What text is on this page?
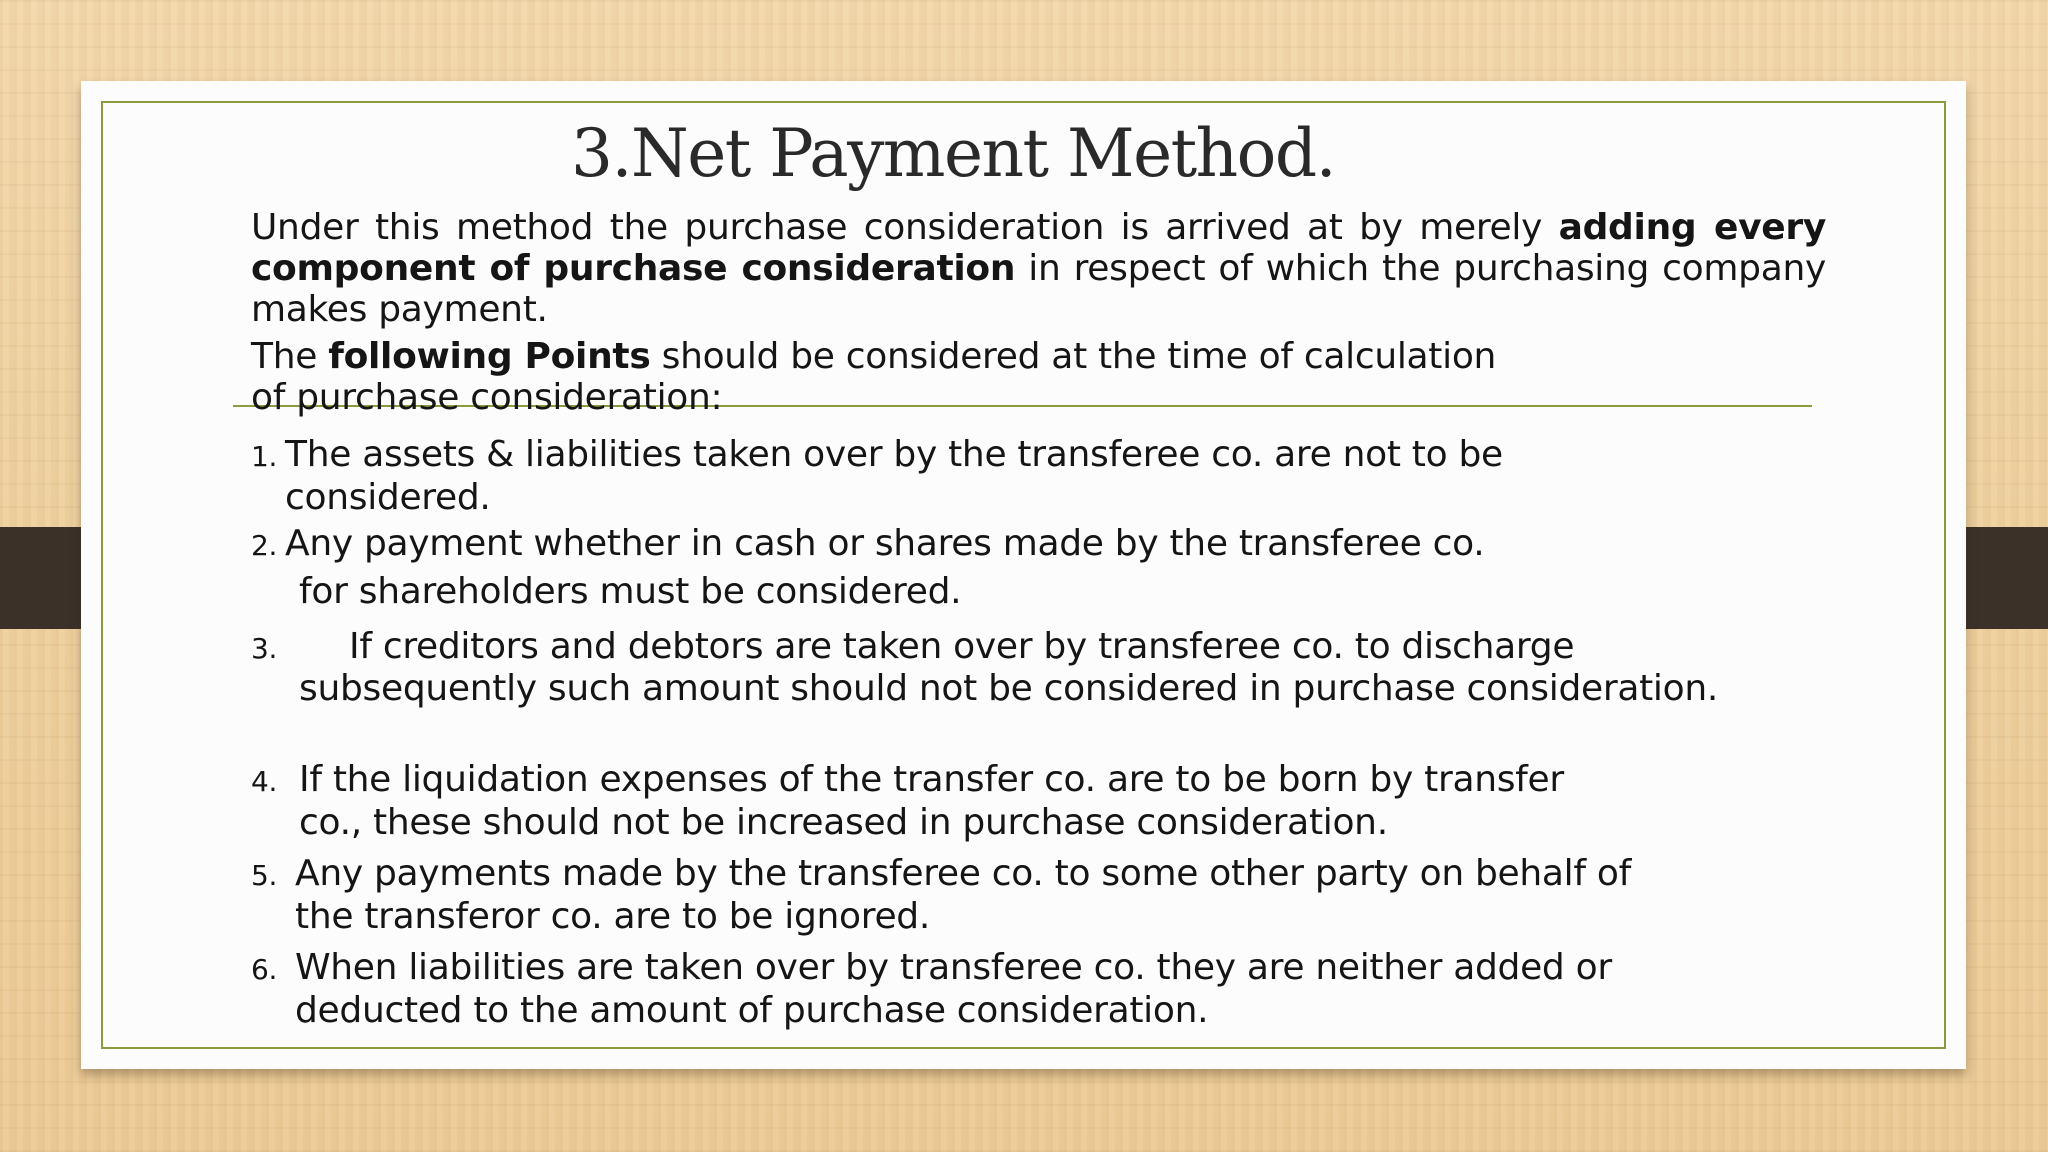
3.Net Payment Method.

Under this method the purchase consideration is arrived at by merely adding every component of purchase consideration in respect of which the purchasing company makes payment.

The following Points should be considered at the time of calculation
of purchase consideration:

1. The assets & liabilities taken over by the transferee co. are not to be
considered.

2. Any payment whether in cash or shares made by the transferee co.
for shareholders must be considered.

3. If creditors and debtors are taken over by transferee co. to discharge
subsequently such amount should not be considered in purchase consideration.

4. If the liquidation expenses of the transfer co. are to be born by transfer
co., these should not be increased in purchase consideration.

5. Any payments made by the transferee co. to some other party on behalf of
the transferor co. are to be ignored.

6. When liabilities are taken over by transferee co. they are neither added or
deducted to the amount of purchase consideration.
